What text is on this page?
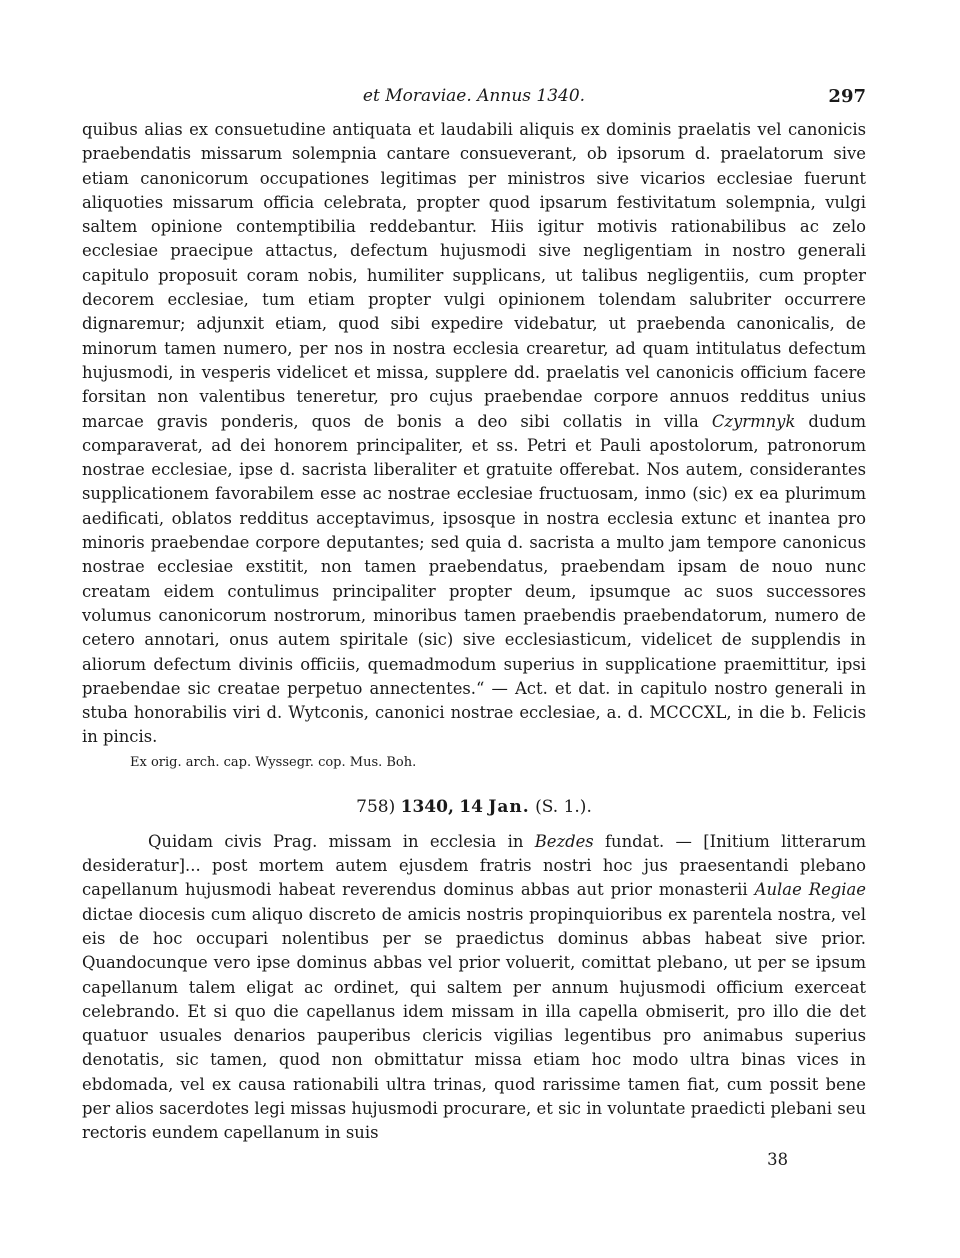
et Moraviae. Annus 1340.	297
quibus alias ex consuetudine antiquata et laudabili aliquis ex dominis praelatis vel canonicis praebendatis missarum solempnia cantare consueverant, ob ipsorum d. praelatorum sive etiam canonicorum occupationes legitimas per ministros sive vicarios ecclesiae fuerunt aliquoties missarum officia celebrata, propter quod ipsarum festivitatum solempnia, vulgi saltem opinione contemptibilia reddebantur. Hiis igitur motivis rationabilibus ac zelo ecclesiae praecipue attactus, defectum hujusmodi sive negligentiam in nostro generali capitulo proposuit coram nobis, humiliter supplicans, ut talibus negligentiis, cum propter decorem ecclesiae, tum etiam propter vulgi opinionem tolendam salubriter occurrere dignaremur; adjunxit etiam, quod sibi expedire videbatur, ut praebenda canonicalis, de minorum tamen numero, per nos in nostra ecclesia crearetur, ad quam intitulatus defectum hujusmodi, in vesperis videlicet et missa, supplere dd. praelatis vel canonicis officium facere forsitan non valentibus teneretur, pro cujus praebendae corpore annuos redditus unius marcae gravis ponderis, quos de bonis a deo sibi collatis in villa Czyrmnyk dudum comparaverat, ad dei honorem principaliter, et ss. Petri et Pauli apostolorum, patronorum nostrae ecclesiae, ipse d. sacrista liberaliter et gratuite offerebat. Nos autem, considerantes supplicationem favorabilem esse ac nostrae ecclesiae fructuosam, inmo (sic) ex ea plurimum aedificati, oblatos redditus acceptavimus, ipsosque in nostra ecclesia extunc et inantea pro minoris praebendae corpore deputantes; sed quia d. sacrista a multo jam tempore canonicus nostrae ecclesiae exstitit, non tamen praebendatus, praebendam ipsam de nouo nunc creatam eidem contulimus principaliter propter deum, ipsumque ac suos successores volumus canonicorum nostrorum, minoribus tamen praebendis praebendatorum, numero de cetero annotari, onus autem spiritale (sic) sive ecclesiasticum, videlicet de supplendis in aliorum defectum divinis officiis, quemadmodum superius in supplicatione praemittitur, ipsi praebendae sic creatae perpetuo annectentes.“ — Act. et dat. in capitulo nostro generali in stuba honorabilis viri d. Wytconis, canonici nostrae ecclesiae, a. d. MCCCXL, in die b. Felicis in pincis.
Ex orig. arch. cap. Wyssegr. cop. Mus. Boh.
758) 1340, 14 Jan. (S. 1.).
Quidam civis Prag. missam in ecclesia in Bezdes fundat. — [Initium litterarum desideratur]... post mortem autem ejusdem fratris nostri hoc jus praesentandi plebano capellanum hujusmodi habeat reverendus dominus abbas aut prior monasterii Aulae Regiae dictae diocesis cum aliquo discreto de amicis nostris propinquioribus ex parentela nostra, vel eis de hoc occupari nolentibus per se praedictus dominus abbas habeat sive prior. Quandocunque vero ipse dominus abbas vel prior voluerit, comittat plebano, ut per se ipsum capellanum talem eligat ac ordinet, qui saltem per annum hujusmodi officium exerceat celebrando. Et si quo die capellanus idem missam in illa capella obmiserit, pro illo die det quatuor usuales denarios pauperibus clericis vigilias legentibus pro animabus superius denotatis, sic tamen, quod non obmittatur missa etiam hoc modo ultra binas vices in ebdomada, vel ex causa rationabili ultra trinas, quod rarissime tamen fiat, cum possit bene per alios sacerdotes legi missas hujusmodi procurare, et sic in voluntate praedicti plebani seu rectoris eundem capellanum in suis
38
